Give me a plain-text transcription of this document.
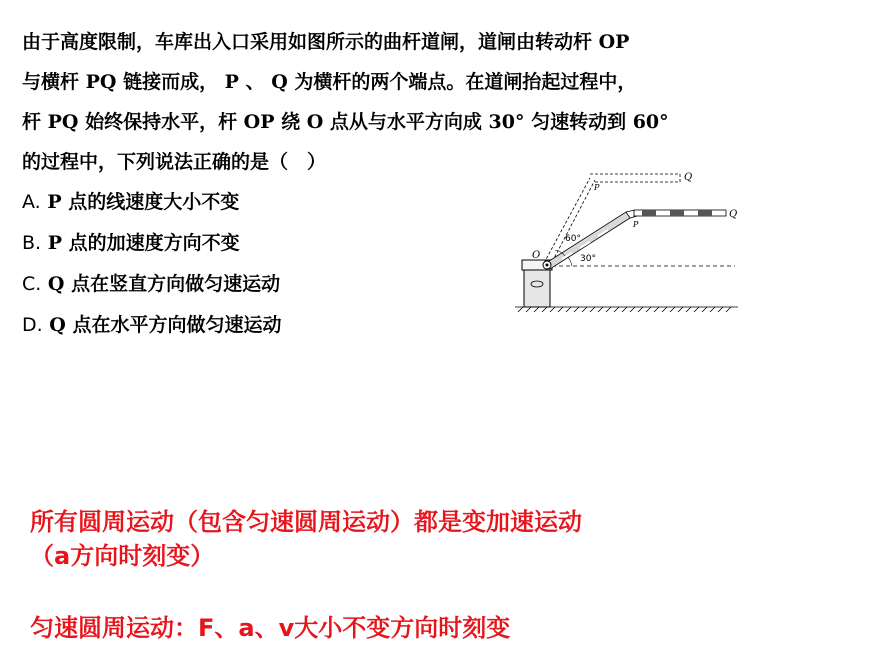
由于高度限制，车库出入口采用如图所示的曲杆道闸，道闸由转动杆 OP
与横杆 PQ 链接而成， P 、 Q 为横杆的两个端点。在道闸抬起过程中，
杆 PQ 始终保持水平，杆 OP 绕 O 点从与水平方向成 30° 匀速转动到 60°
的过程中，下列说法正确的是（　）
A. P 点的线速度大小不变
B. P 点的加速度方向不变
C. Q 点在竖直方向做匀速运动
D. Q 点在水平方向做匀速运动
O
P
Q
P
Q
60°
30°
所有圆周运动（包含匀速圆周运动）都是变加速运动
（a方向时刻变）
匀速圆周运动：F、a、v大小不变方向时刻变
